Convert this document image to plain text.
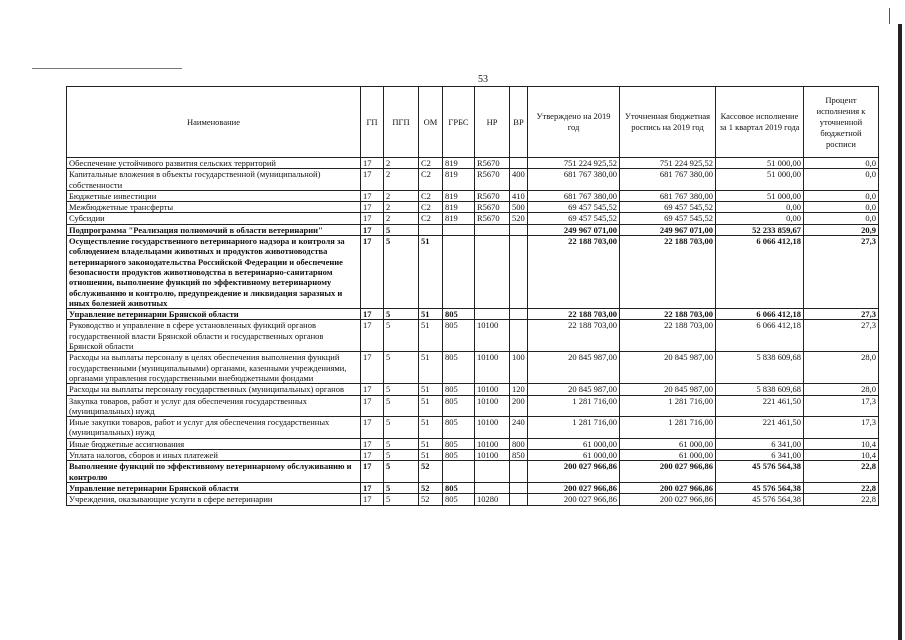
53
Наименование	ГП	ПГП	ОМ	ГРБС	НР	ВР	Утверждено на 2019 год	Уточненная бюджетная роспись на 2019 год	Кассовое исполнение за 1 квартал 2019 года	Процент исполнения к уточненной бюджетной росписи
Обеспечение устойчивого развития сельских территорий	17	2	С2	819	R5670		751 224 925,52	751 224 925,52	51 000,00	0,0
Капитальные вложения в объекты государственной (муниципальной) собственности	17	2	С2	819	R5670	400	681 767 380,00	681 767 380,00	51 000,00	0,0
Бюджетные инвестиции	17	2	С2	819	R5670	410	681 767 380,00	681 767 380,00	51 000,00	0,0
Межбюджетные трансферты	17	2	С2	819	R5670	500	69 457 545,52	69 457 545,52	0,00	0,0
Субсидии	17	2	С2	819	R5670	520	69 457 545,52	69 457 545,52	0,00	0,0
Подпрограмма "Реализация полномочий в области ветеринарии"	17	5					249 967 071,00	249 967 071,00	52 233 859,67	20,9
Осуществление государственного ветеринарного надзора и контроля за соблюдением владельцами животных и продуктов животноводства ветеринарного законодательства Российской Федерации и обеспечение безопасности продуктов животноводства в ветеринарно-санитарном отношении, выполнение функций по эффективному ветеринарному обслуживанию и контролю, предупреждение и ликвидация заразных и иных болезней животных	17	5	51				22 188 703,00	22 188 703,00	6 066 412,18	27,3
Управление ветеринарии Брянской области	17	5	51	805			22 188 703,00	22 188 703,00	6 066 412,18	27,3
Руководство и управление в сфере установленных функций органов государственной власти Брянской области и государственных органов Брянской области	17	5	51	805	10100		22 188 703,00	22 188 703,00	6 066 412,18	27,3
Расходы на выплаты персоналу в целях обеспечения выполнения функций государственными (муниципальными) органами, казенными учреждениями, органами управления государственными внебюджетными фондами	17	5	51	805	10100	100	20 845 987,00	20 845 987,00	5 838 609,68	28,0
Расходы на выплаты персоналу государственных (муниципальных) органов	17	5	51	805	10100	120	20 845 987,00	20 845 987,00	5 838 609,68	28,0
Закупка товаров, работ и услуг для обеспечения государственных (муниципальных) нужд	17	5	51	805	10100	200	1 281 716,00	1 281 716,00	221 461,50	17,3
Иные закупки товаров, работ и услуг для обеспечения государственных (муниципальных) нужд	17	5	51	805	10100	240	1 281 716,00	1 281 716,00	221 461,50	17,3
Иные бюджетные ассигнования	17	5	51	805	10100	800	61 000,00	61 000,00	6 341,00	10,4
Уплата налогов, сборов и иных платежей	17	5	51	805	10100	850	61 000,00	61 000,00	6 341,00	10,4
Выполнение функций по эффективному ветеринарному обслуживанию и контролю	17	5	52				200 027 966,86	200 027 966,86	45 576 564,38	22,8
Управление ветеринарии Брянской области	17	5	52	805			200 027 966,86	200 027 966,86	45 576 564,38	22,8
Учреждения, оказывающие услуги в сфере ветеринарии	17	5	52	805	10280		200 027 966,86	200 027 966,86	45 576 564,38	22,8
